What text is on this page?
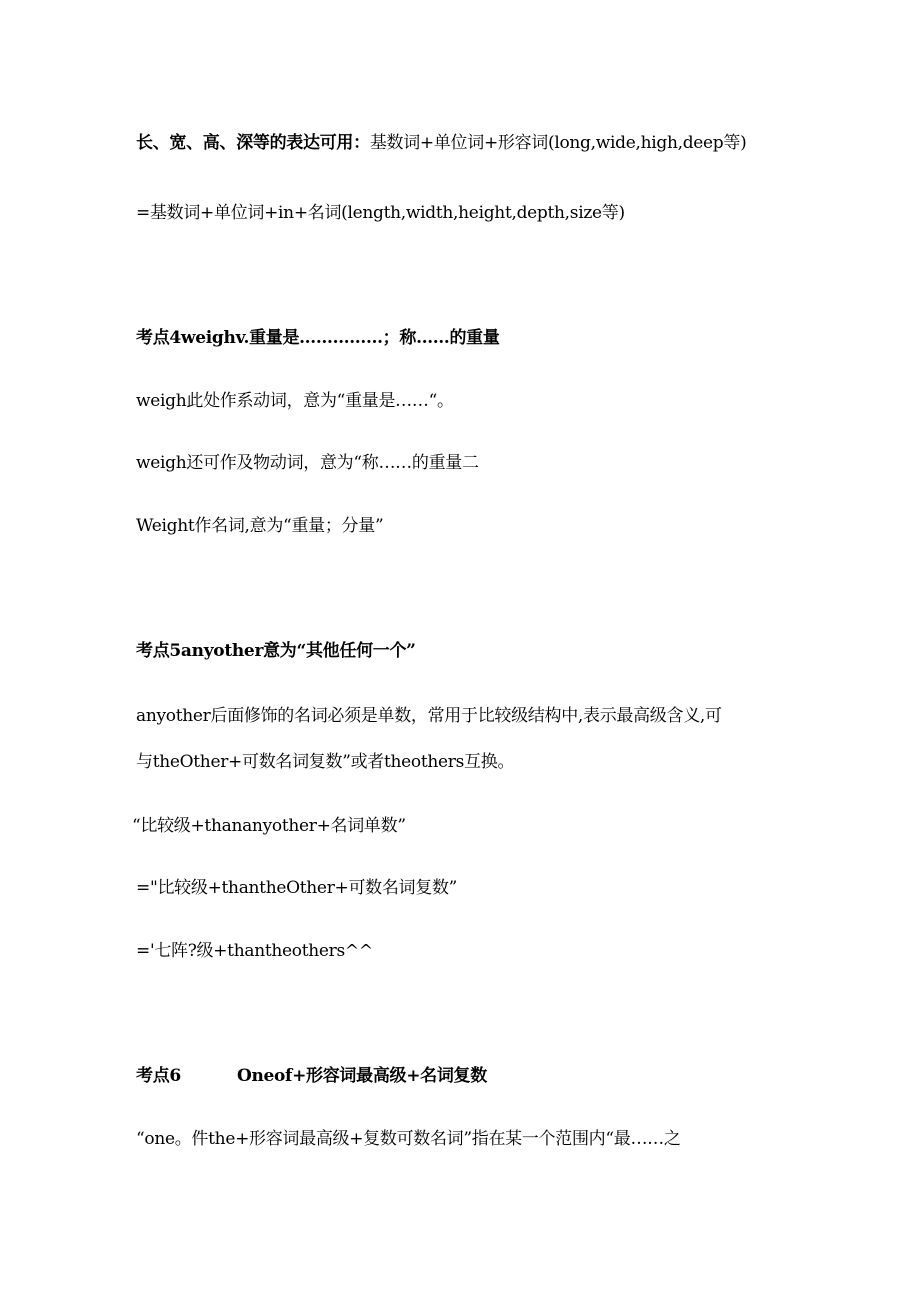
长、宽、高、深等的表达可用：基数词+单位词+形容词(long,wide,high,deep等)
=基数词+单位词+in+名词(length,width,height,depth,size等)
考点4weighv.重量是……………；称……的重量
weigh此处作系动词，意为“重量是……“。
weigh还可作及物动词，意为“称……的重量二
Weight作名词,意为“重量；分量”
考点5anyother意为“其他任何一个”
anyother后面修饰的名词必须是单数，常用于比较级结构中,表示最高级含义,可
与theOther+可数名词复数”或者theothers互换。
“比较级+thananyother+名词单数”
="比较级+thantheOther+可数名词复数”
='七阵?级+thantheothers^^
考点6	Oneof+形容词最高级+名词复数
“one。件the+形容词最高级+复数可数名词”指在某一个范围内“最……之
